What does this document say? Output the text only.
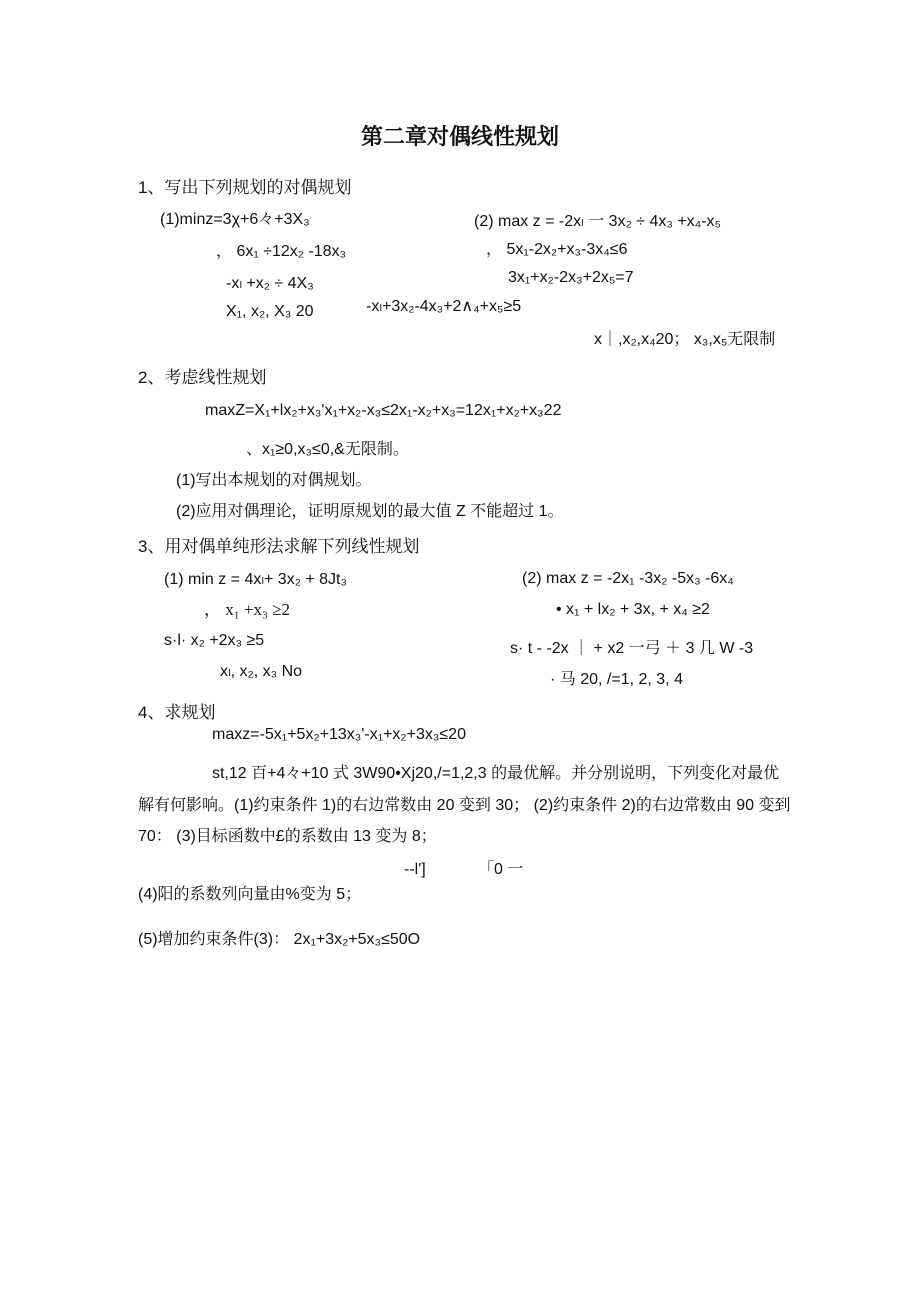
第二章对偶线性规划
1、写出下列规划的对偶规划
(1)minz=3χ+6々+3X₃
， 6x₁ ÷12x₂ -18x₃
-xₗ +x₂ ÷ 4X₃
X₁, x₂, X₃ 20
(2) max z = -2xₗ 一 3x₂ ÷ 4x₃ +x₄-x₅
， 5x₁-2x₂+x₃-3x₄≤6
3x₁+x₂-2x₃+2x₅=7
-xₗ+3x₂-4x₃+2∧₄+x₅≥5
x｜,x₂,x₄20； x₃,x₅无限制
2、考虑线性规划
maxZ=X₁+lx₂+x₃'x₁+x₂-x₃≤2x₁-x₂+x₃=12x₁+x₂+x₃22
、x₁≥0,x₃≤0,&无限制。
(1)写出本规划的对偶规划。
(2)应用对偶理论，证明原规划的最大值 Z 不能超过 1。
3、用对偶单纯形法求解下列线性规划
(1) min z = 4xₗ+ 3x₂ + 8Jt₃
， x₁ +x₃ ≥2
s·l· x₂ +2x₃ ≥5
xₗ, x₂, x₃ No
(2) max z = -2x₁ -3x₂ -5x₃ -6x₄
• x₁ + lx₂ + 3x, + x₄ ≥2
s· t - -2x ｜ + x2 一弓 ＋ 3 几 W -3
· 马 20, /=1, 2, 3, 4
4、求规划
maxz=-5x₁+5x₂+13x₃'-x₁+x₂+3x₃≤20
st,12 百+4々+10 式 3W90•Xj20,/=1,2,3 的最优解。并分别说明，下列变化对最优
解有何影响。(1)约束条件 1)的右边常数由 20 变到 30； (2)约束条件 2)的右边常数由 90 变到
70： (3)目标函数中£的系数由 13 变为 8；
--l']	「0 一
(4)阳的系数列向量由%变为 5；
(5)增加约束条件(3)： 2x₁+3x₂+5x₃≤50O
